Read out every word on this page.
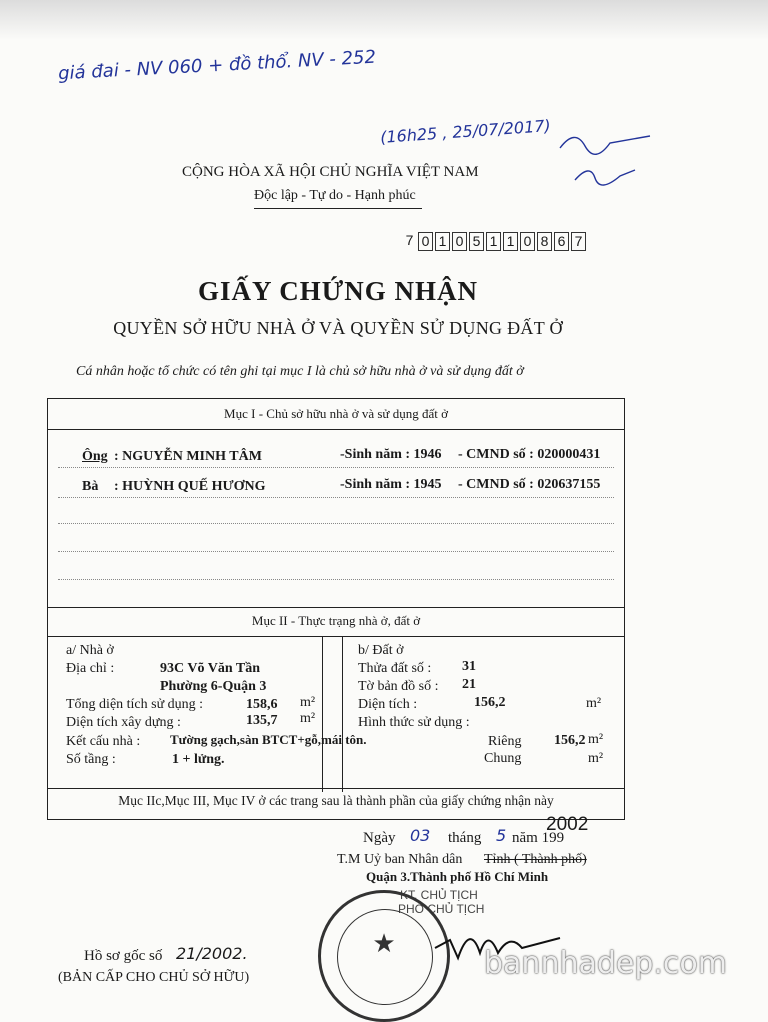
giá đai - NV 060 + đồ thổ. NV - 252
(16h25 , 25/07/2017)
CỘNG HÒA XÃ HỘI CHỦ NGHĨA VIỆT NAM
Độc lập - Tự do - Hạnh phúc
7 0 1 0 5 1 1 0 8 6 7
GIẤY CHỨNG NHẬN
QUYỀN SỞ HỮU NHÀ Ở VÀ QUYỀN SỬ DỤNG ĐẤT Ở
Cá nhân hoặc tổ chức có tên ghi tại mục I là chủ sở hữu nhà ở và sử dụng đất ở
Mục I - Chủ sở hữu nhà ở và sử dụng đất ở
Ông : NGUYỄN MINH TÂM	-Sinh năm : 1946 - CMND số : 020000431
Bà : HUỲNH QUẾ HƯƠNG	-Sinh năm : 1945 - CMND số : 020637155
Mục II - Thực trạng nhà ở, đất ở
a/ Nhà ở
Địa chỉ :	93C Võ Văn Tần
Phường 6-Quận 3
Tổng diện tích sử dụng :	158,6 m²
Diện tích xây dựng :	135,7 m²
Kết cấu nhà : Tường gạch,sàn BTCT+gỗ,mái tôn.
Số tầng :	1 + lửng.
b/ Đất ở
Thửa đất số : 31
Tờ bản đồ số : 21
Diện tích :	156,2	m²
Hình thức sử dụng :
Riêng 156,2 m²
Chung	m²
Mục IIc,Mục III, Mục IV ở các trang sau là thành phần của giấy chứng nhận này
Ngày 03 tháng 5 năm 199
2002
T.M Uỷ ban Nhân dân Tỉnh ( Thành phố)
Quận 3.Thành phố Hồ Chí Minh
KT. CHỦ TỊCH
PHÓ CHỦ TỊCH
★
Hồ sơ gốc số 21/2002.
(BẢN CẤP CHO CHỦ SỞ HỮU)	bannhadep.com
